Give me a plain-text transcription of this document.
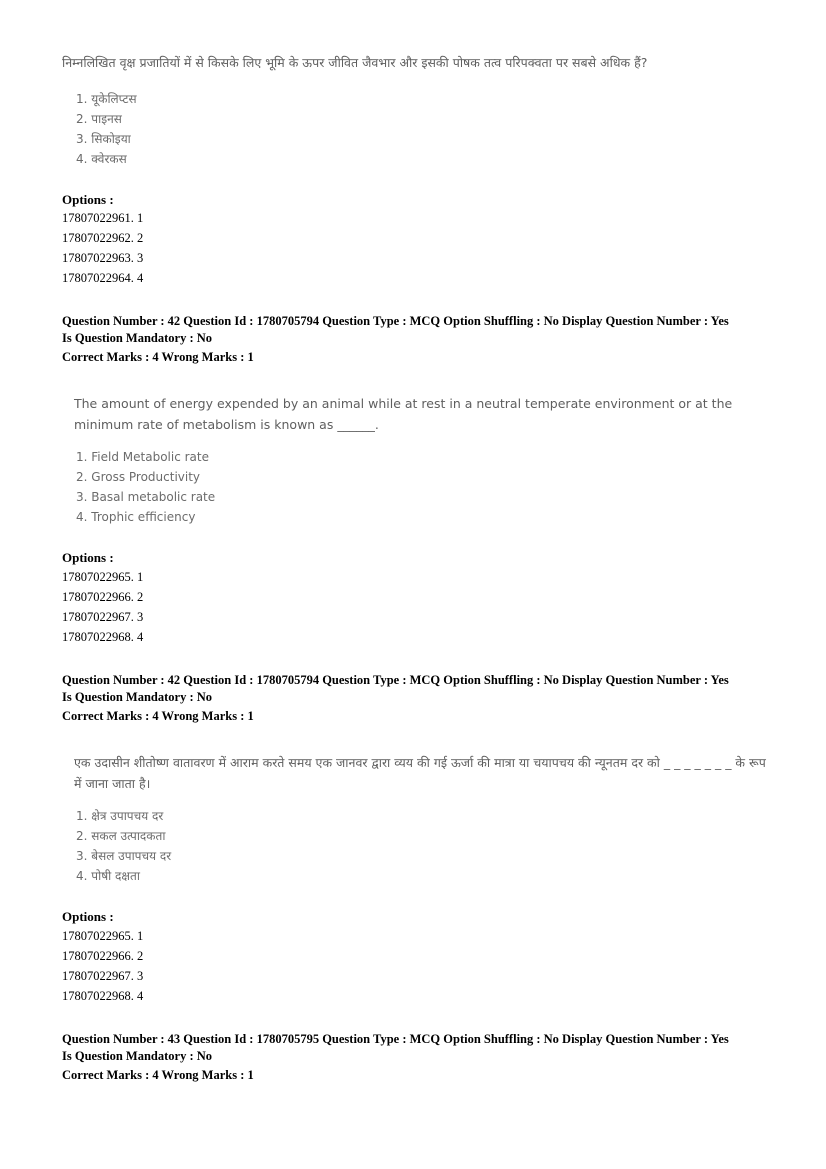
निम्नलिखित वृक्ष प्रजातियों में से किसके लिए भूमि के ऊपर जीवित जैवभार और इसकी पोषक तत्व परिपक्वता पर सबसे अधिक हैं?
1. यूकेलिप्टस
2. पाइनस
3. सिकोइया
4. क्वेरकस
Options :
17807022961. 1
17807022962. 2
17807022963. 3
17807022964. 4
Question Number : 42 Question Id : 1780705794 Question Type : MCQ Option Shuffling : No Display Question Number : Yes
Is Question Mandatory : No
Correct Marks : 4 Wrong Marks : 1
The amount of energy expended by an animal while at rest in a neutral temperate environment or at the minimum rate of metabolism is known as ______.
1. Field Metabolic rate
2. Gross Productivity
3. Basal metabolic rate
4. Trophic efficiency
Options :
17807022965. 1
17807022966. 2
17807022967. 3
17807022968. 4
Question Number : 42 Question Id : 1780705794 Question Type : MCQ Option Shuffling : No Display Question Number : Yes
Is Question Mandatory : No
Correct Marks : 4 Wrong Marks : 1
एक उदासीन शीतोष्ण वातावरण में आराम करते समय एक जानवर द्वारा व्यय की गई ऊर्जा की मात्रा या चयापचय की न्यूनतम दर को _ _ _ _ _ _ _ के रूप में जाना जाता है।
1. क्षेत्र उपापचय दर
2. सकल उत्पादकता
3. बेसल उपापचय दर
4. पोषी दक्षता
Options :
17807022965. 1
17807022966. 2
17807022967. 3
17807022968. 4
Question Number : 43 Question Id : 1780705795 Question Type : MCQ Option Shuffling : No Display Question Number : Yes
Is Question Mandatory : No
Correct Marks : 4 Wrong Marks : 1
